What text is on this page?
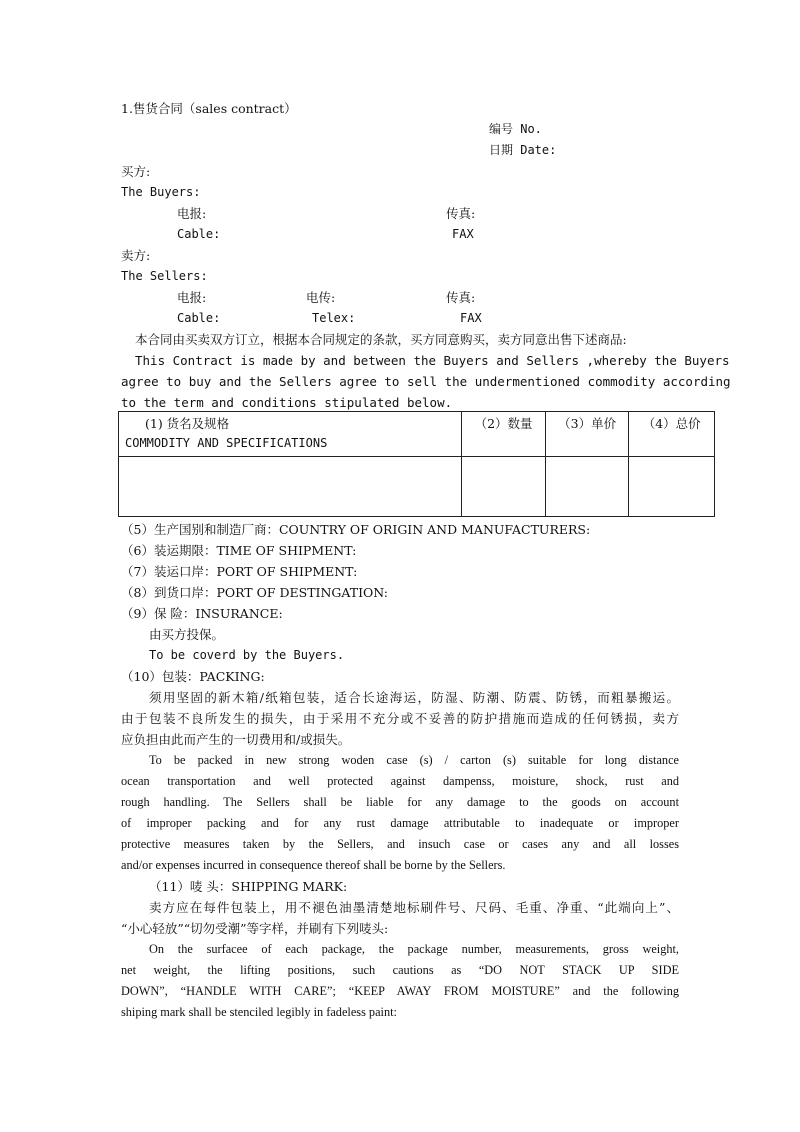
1.售货合同（sales contract）
编号 No.
日期 Date:
买方:
The Buyers:
电报:	传真:
Cable:	FAX
卖方:
The Sellers:
电报:	电传:	传真:
Cable:	Telex:	FAX
本合同由买卖双方订立，根据本合同规定的条款，买方同意购买，卖方同意出售下述商品:
This Contract is made by and between the Buyers and Sellers ,whereby the Buyers
agree to buy and the Sellers agree to sell the undermentioned commodity according
to the term and conditions stipulated below.
(1) 货名及规格
COMMODITY AND SPECIFICATIONS	（2）数量	（3）单价	（4）总价

（5）生产国别和制造厂商：COUNTRY OF ORIGIN AND MANUFACTURERS:
（6）装运期限：TIME OF SHIPMENT:
（7）装运口岸：PORT OF SHIPMENT:
（8）到货口岸：PORT OF DESTINGATION:
（9）保 险：INSURANCE:
由买方投保。
To be coverd by the Buyers.
（10）包装：PACKING:
须用坚固的新木箱/纸箱包装，适合长途海运，防湿、防潮、防震、防锈，而粗暴搬运。
由于包装不良所发生的损失，由于采用不充分或不妥善的防护措施而造成的任何锈损，卖方
应负担由此而产生的一切费用和/或损失。
To be packed in new strong woden case (s) / carton (s) suitable for long distance
ocean transportation and well protected against dampenss, moisture, shock, rust and
rough handling. The Sellers shall be liable for any damage to the goods on account
of improper packing and for any rust damage attributable to inadequate or improper
protective measures taken by the Sellers, and insuch case or cases any and all losses
and/or expenses incurred in consequence thereof shall be borne by the Sellers.
（11）唛 头：SHIPPING MARK:
卖方应在每件包装上，用不褪色油墨清楚地标刷件号、尺码、毛重、净重、“此端向上”、
“小心轻放”“切勿受潮”等字样，并刷有下列唛头:
On the surfacee of each package, the package number, measurements, gross weight,
net weight, the lifting positions, such cautions as “DO NOT STACK UP SIDE
DOWN”, “HANDLE WITH CARE”; “KEEP AWAY FROM MOISTURE” and the following
shiping mark shall be stenciled legibly in fadeless paint:
